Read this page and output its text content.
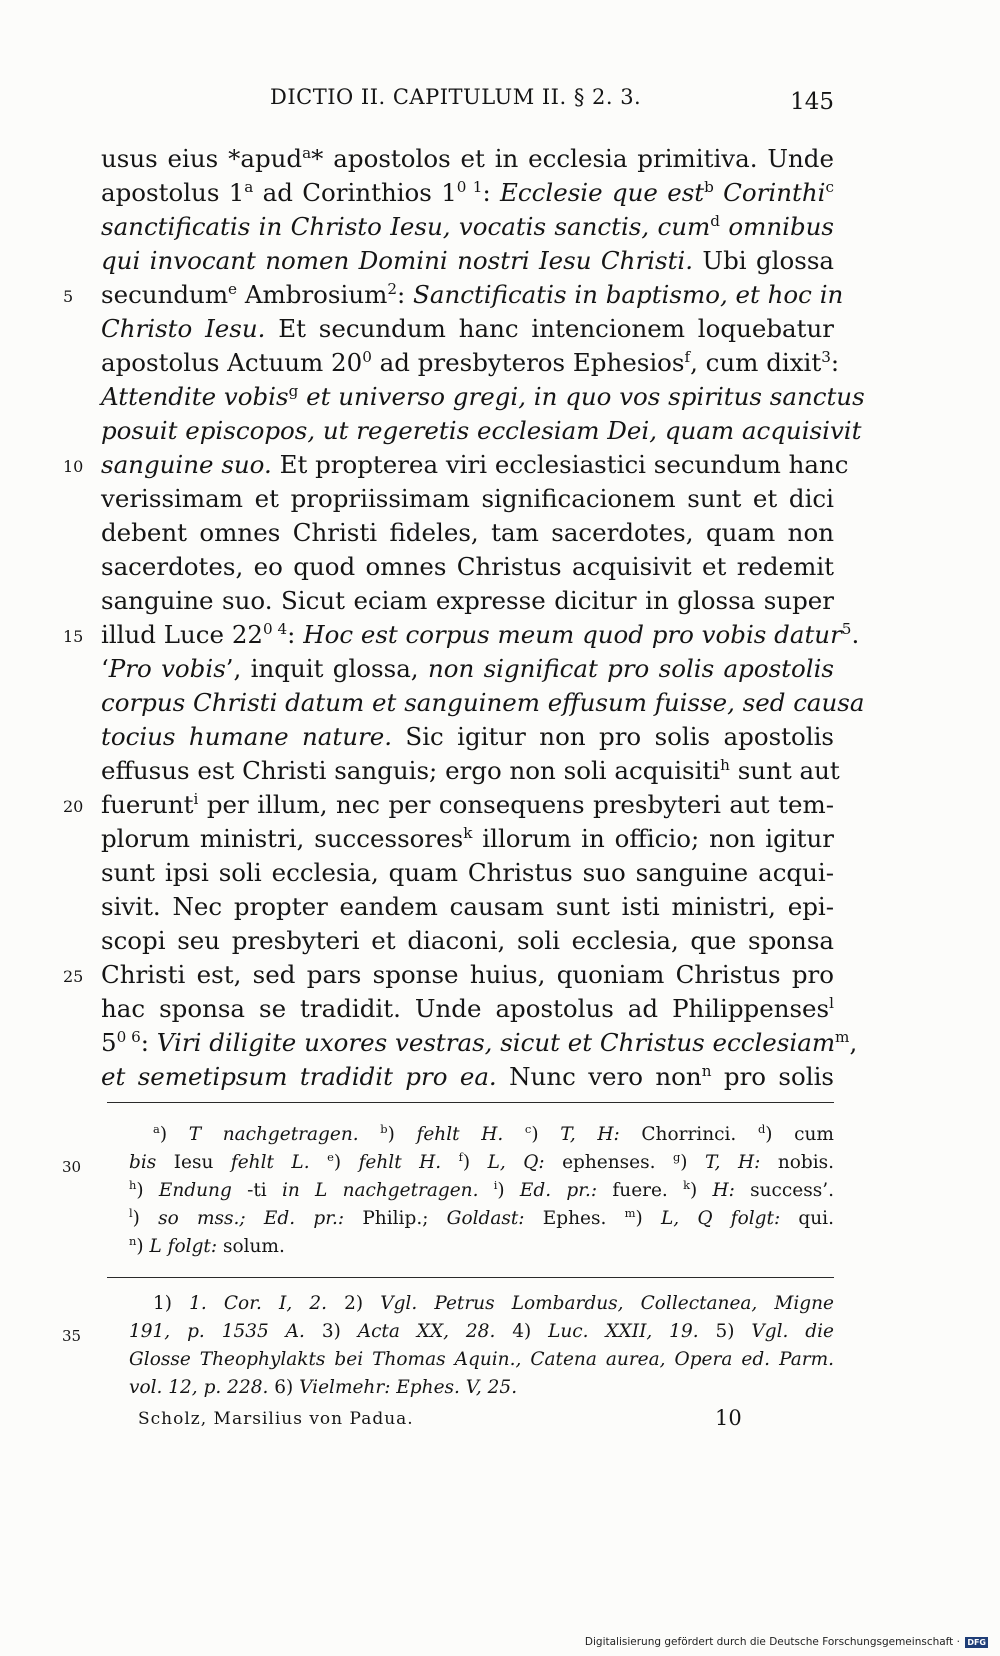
DICTIO II. CAPITULUM II. § 2. 3.	145
usus eius *apud$^a$* apostolos et in ecclesia primitiva. Unde
apostolus 1$^a$ ad Corinthios $1^{0 1}$: Ecclesie que est$^b$ Corinthi$^c$
sanctificatis in Christo Iesu, vocatis sanctis, cum$^d$ omnibus
qui invocant nomen Domini nostri Iesu Christi. Ubi glossa
5 secundum$^e$ Ambrosium$^2$: Sanctificatis in baptismo, et hoc in
Christo Iesu. Et secundum hanc intencionem loquebatur
apostolus Actuum $20^0$ ad presbyteros Ephesios$^f$, cum dixit$^3$:
Attendite vobis$^g$ et universo gregi, in quo vos spiritus sanctus
posuit episcopos, ut regeretis ecclesiam Dei, quam acquisivit
10 sanguine suo. Et propterea viri ecclesiastici secundum hanc
verissimam et propriissimam significacionem sunt et dici
debent omnes Christi fideles, tam sacerdotes, quam non
sacerdotes, eo quod omnes Christus acquisivit et redemit
sanguine suo. Sicut eciam expresse dicitur in glossa super
15 illud Luce $22^{0 4}$: Hoc est corpus meum quod pro vobis datur$^5$.
‘Pro vobis’, inquit glossa, non significat pro solis apostolis
corpus Christi datum et sanguinem effusum fuisse, sed causa
tocius humane nature. Sic igitur non pro solis apostolis
effusus est Christi sanguis; ergo non soli acquisiti$^h$ sunt aut
20 fuerunt$^i$ per illum, nec per consequens presbyteri aut tem-
plorum ministri, successores$^k$ illorum in officio; non igitur
sunt ipsi soli ecclesia, quam Christus suo sanguine acqui-
sivit. Nec propter eandem causam sunt isti ministri, epi-
scopi seu presbyteri et diaconi, soli ecclesia, que sponsa
25 Christi est, sed pars sponse huius, quoniam Christus pro
hac sponsa se tradidit. Unde apostolus ad Philippenses$^l$
$5^{0 6}$: Viri diligite uxores vestras, sicut et Christus ecclesiam$^m$,
et semetipsum tradidit pro ea. Nunc vero non$^n$ pro solis
$^a$) T nachgetragen. $^b$) fehlt H. $^c$) T, H: Chorrinci. $^d$) cum
30	bis Iesu fehlt L. $^e$) fehlt H. $^f$) L, Q: ephenses. $^g$) T, H: nobis.
$^h$) Endung -ti in L nachgetragen. $^i$) Ed. pr.: fuere. $^k$) H: success’.
$^l$) so mss.; Ed. pr.: Philip.; Goldast: Ephes. $^m$) L, Q folgt: qui.
$^n$) L folgt: solum.
1) 1. Cor. I, 2. 2) Vgl. Petrus Lombardus, Collectanea, Migne
35	191, p. 1535 A. 3) Acta XX, 28. 4) Luc. XXII, 19. 5) Vgl. die
Glosse Theophylakts bei Thomas Aquin., Catena aurea, Opera ed. Parm.
vol. 12, p. 228. 6) Vielmehr: Ephes. V, 25.
Scholz, Marsilius von Padua.	10
Digitalisierung gefördert durch die Deutsche Forschungsgemeinschaft · DFG
